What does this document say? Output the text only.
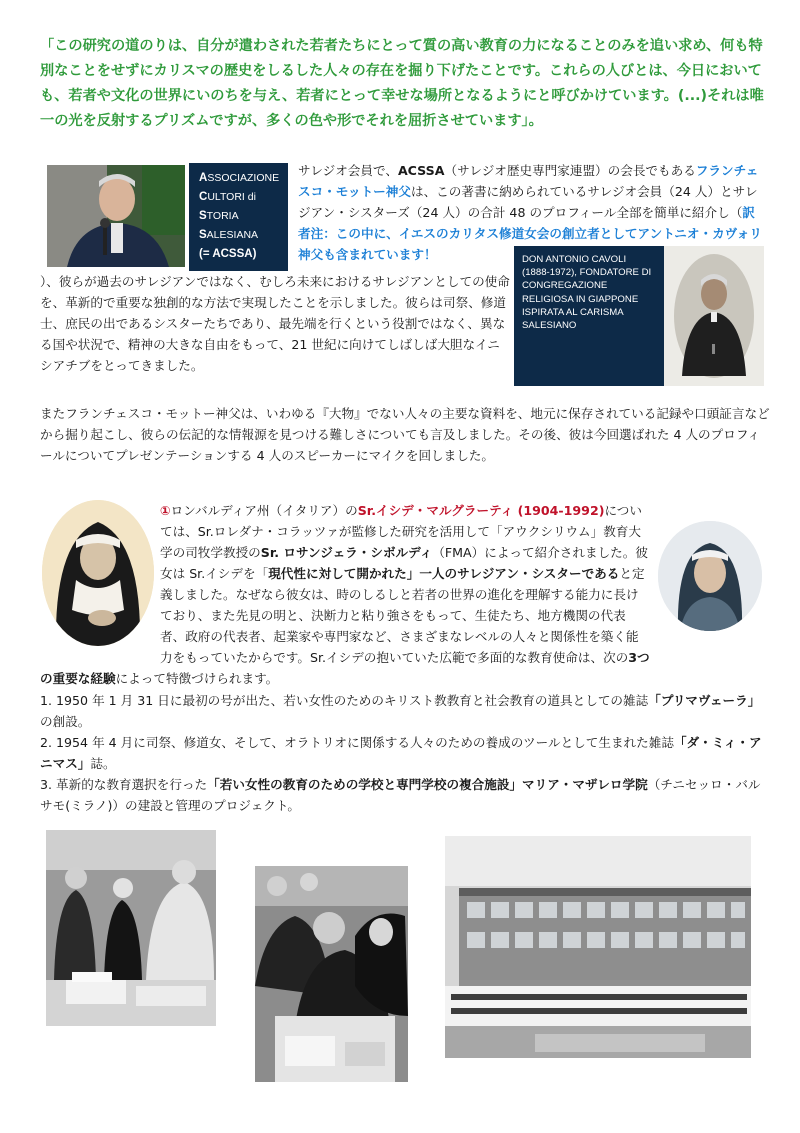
「この研究の道のりは、自分が遣わされた若者たちにとって質の高い教育の力になることのみを追い求め、何も特別なことをせずにカリスマの歴史をしるした人々の存在を掘り下げたことです。これらの人びとは、今日においても、若者や文化の世界にいのちを与え、若者にとって幸せな場所となるようにと呼びかけています。(...)それは唯一の光を反射するプリズムですが、多くの色や形でそれを屈折させています」。

ASSOCIAZIONE
CULTORI di
STORIA
SALESIANA
(= ACSSA)

サレジオ会員で、ACSSA（サレジオ歴史専門家連盟）の会長でもあるフランチェスコ・モットー神父は、この著書に納められているサレジオ会員（24 人）とサレジアン・シスターズ（24 人）の合計 48 のプロフィール全部を簡単に紹介し（訳者注：この中に、イエスのカリタス修道女会の創立者としてアントニオ・カヴォリ神父も含まれています！	DON ANTONIO CAVOLI (1888-1972), FONDATORE DI CONGREGAZIONE RELIGIOSA IN GIAPPONE ISPIRATA AL CARISMA SALESIANO

）、彼らが過去のサレジアンではなく、むしろ未来におけるサレジアンとしての使命を、革新的で重要な独創的な方法で実現したことを示しました。彼らは司祭、修道士、庶民の出であるシスターたちであり、最先端を行くという役割ではなく、異なる国や状況で、精神の大きな自由をもって、21 世紀に向けてしばしば大胆なイニシアチブをとってきました。

またフランチェスコ・モットー神父は、いわゆる『大物』でない人々の主要な資料を、地元に保存されている記録や口頭証言などから掘り起こし、彼らの伝記的な情報源を見つける難しさについても言及しました。その後、彼は今回選ばれた 4 人のプロフィールについてプレゼンテーションする 4 人のスピーカーにマイクを回しました。

①ロンバルディア州（イタリア）のSr.イシデ・マルグラーティ (1904-1992)については、Sr.ロレダナ・コラッツァが監修した研究を活用して「アウクシリウム」教育大学の司牧学教授のSr. ロサンジェラ・シボルディ（FMA）によって紹介されました。彼女は Sr.イシデを「現代性に対して開かれた」一人のサレジアン・シスターであると定義しました。なぜなら彼女は、時のしるしと若者の世界の進化を理解する能力に長けており、また先見の明と、決断力と粘り強さをもって、生徒たち、地方機関の代表者、政府の代表者、起業家や専門家など、さまざまなレベルの人々と関係性を築く能力をもっていたからです。Sr.イシデの抱いていた広範で多面的な教育使命は、次の3つの重要な経験によって特徴づけられます。

1. 1950 年 1 月 31 日に最初の号が出た、若い女性のためのキリスト教教育と社会教育の道具としての雑誌「プリマヴェーラ」の創設。

2. 1954 年 4 月に司祭、修道女、そして、オラトリオに関係する人々のための養成のツールとして生まれた雑誌「ダ・ミィ・アニマス」誌。

3. 革新的な教育選択を行った「若い女性の教育のための学校と専門学校の複合施設」マリア・マザレロ学院（チニセッロ・バルサモ(ミラノ)）の建設と管理のプロジェクト。
